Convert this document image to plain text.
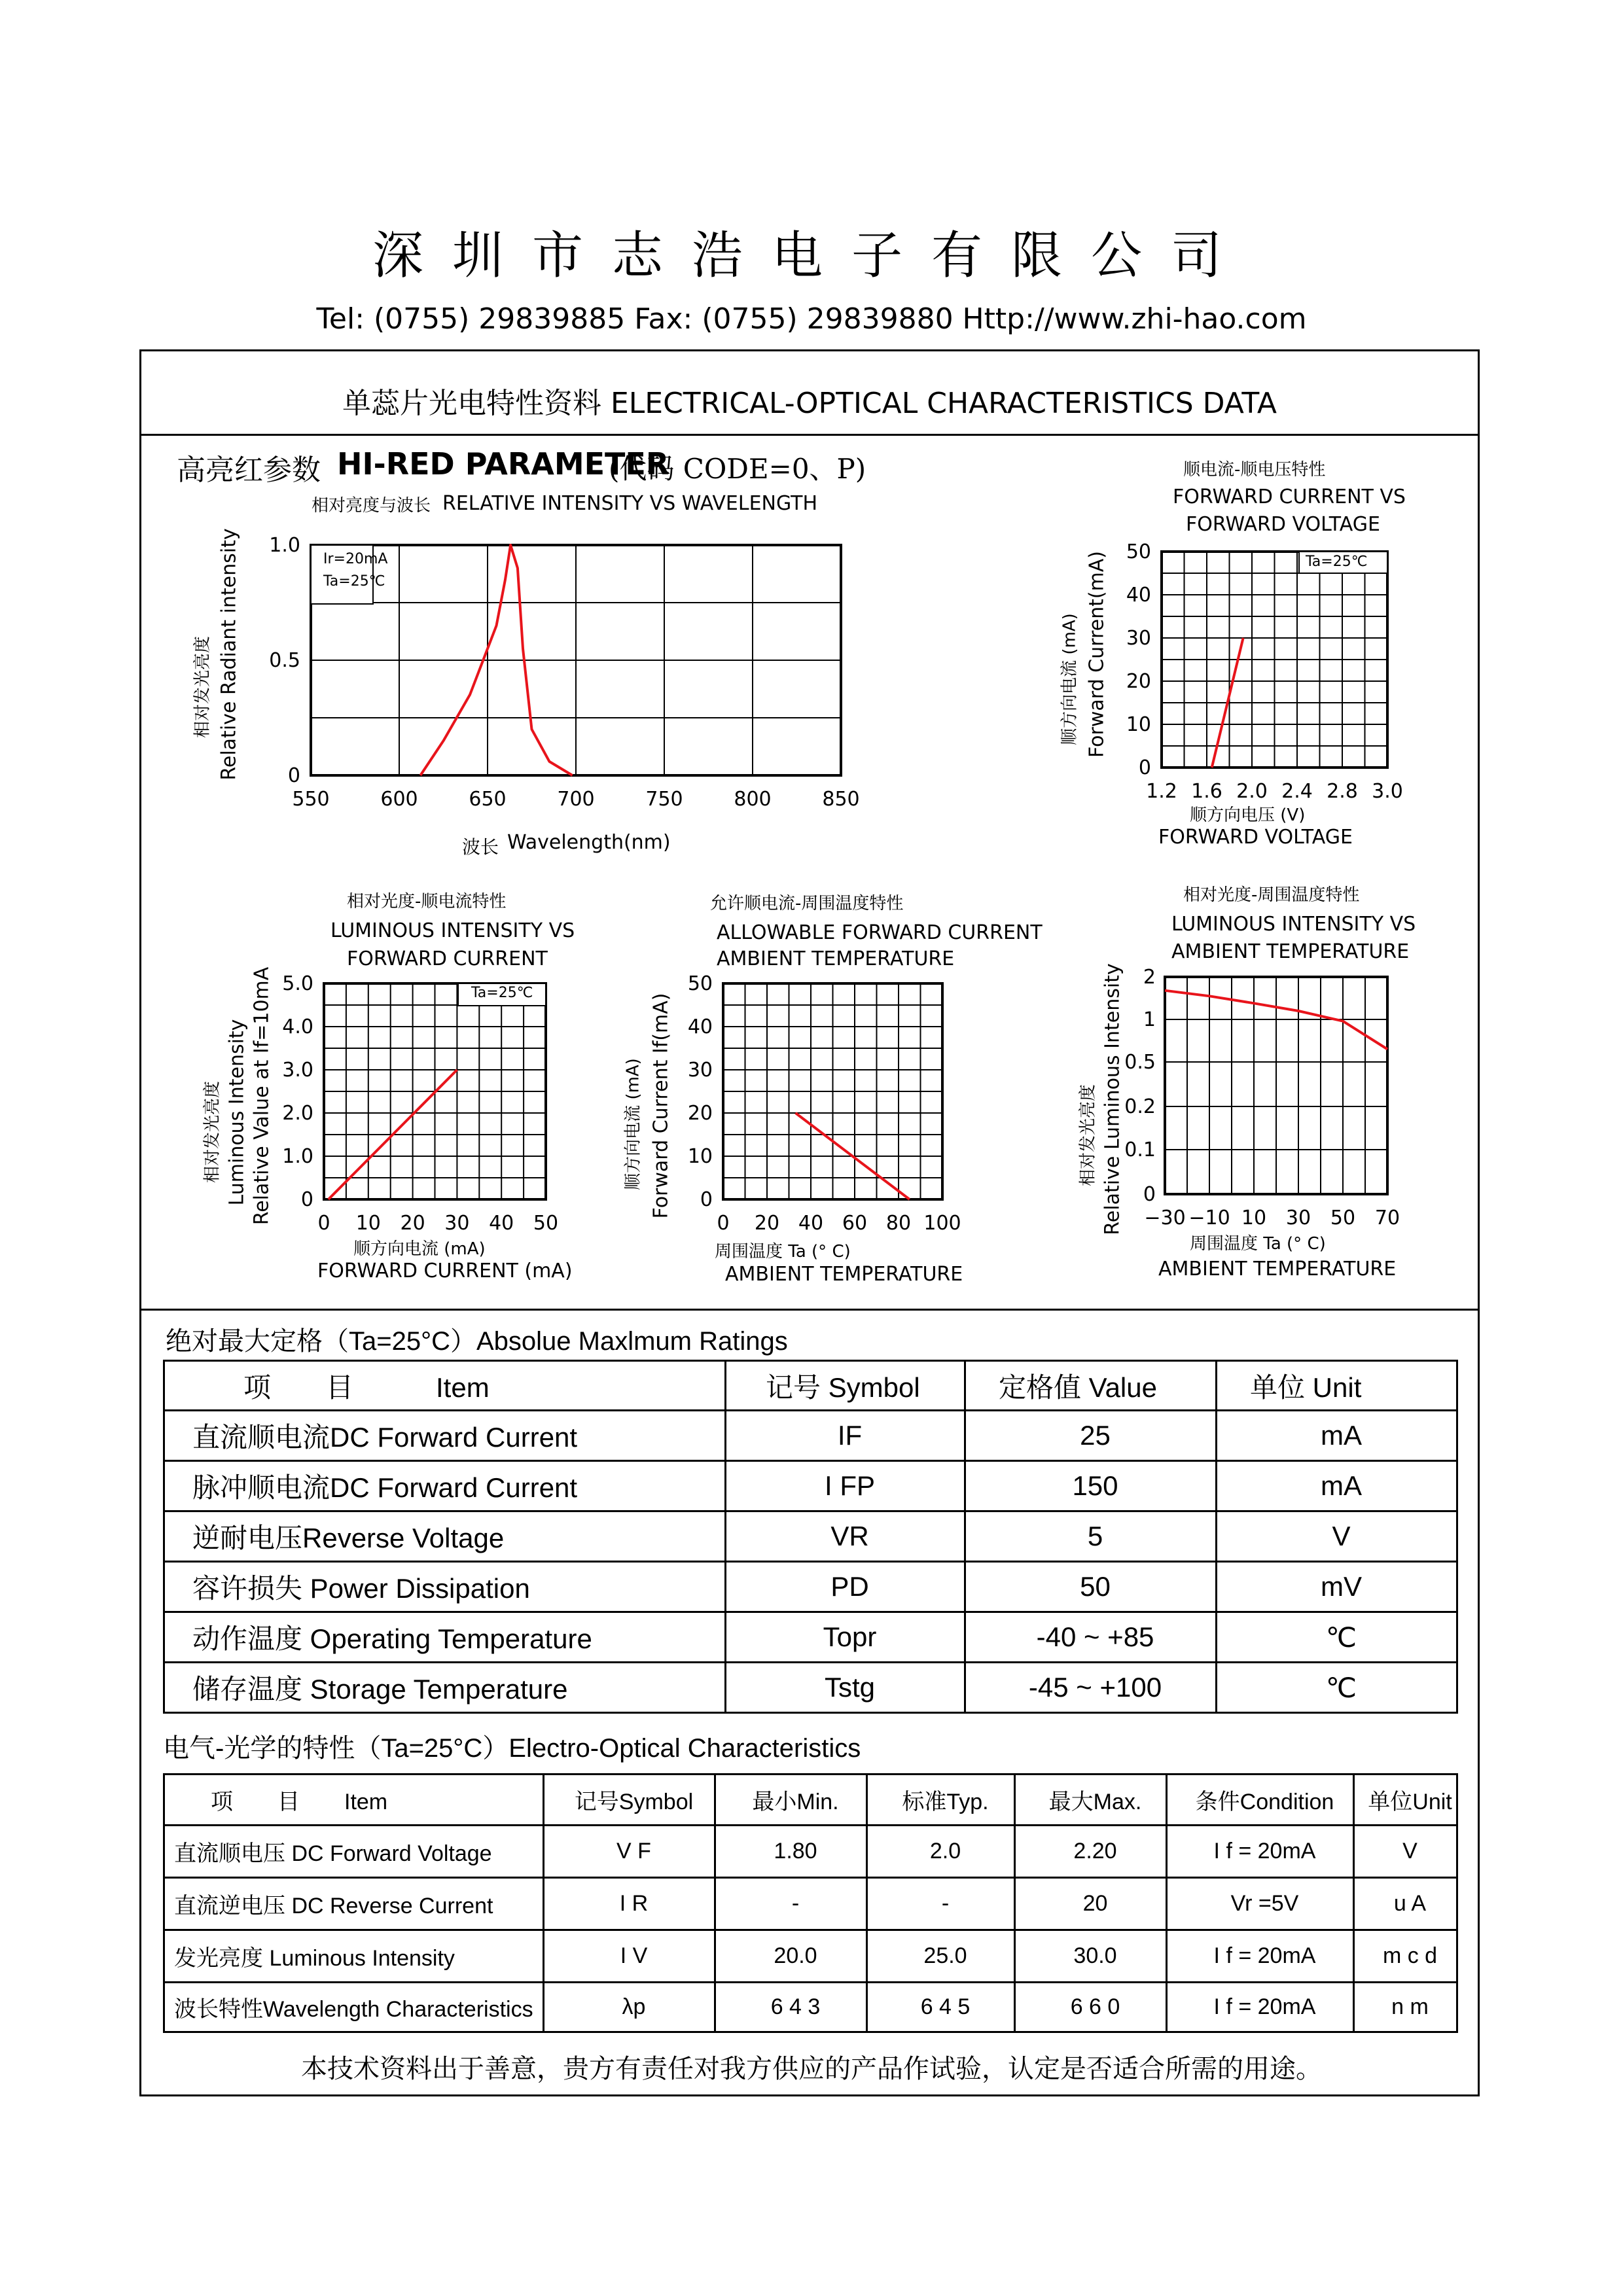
深圳市志浩电子有限公司
Tel: (0755) 29839885 Fax: (0755) 29839880 Http://www.zhi-hao.com
单蕊片光电特性资料 ELECTRICAL-OPTICAL CHARACTERISTICS DATA
高亮红参数 HI-RED PARAMETER
(代码 CODE=0、P)
相对亮度与波长 RELATIVE INTENSITY VS WAVELENGTH
550	600	650	700	750	800	850
0
0.5
1.0
波长 Wavelength(nm)
相对发光亮度 Relative Radiant intensity	Ir=20mA
Ta=25℃
顺电流-顺电压特性
FORWARD CURRENT VS
FORWARD VOLTAGE
1.2 1.6 2.0 2.4 2.8 3.0
0
10
20
30
40
50
顺方向电压 (V)
FORWARD VOLTAGE
顺方向电流 (mA) Forward Current(mA)	Ta=25℃
相对光度-顺电流特性
LUMINOUS INTENSITY VS
FORWARD CURRENT
0 10 20 30 40 50
0
1.0
2.0
3.0
4.0
5.0
顺方向电流 (mA)
FORWARD CURRENT (mA)
相对发光亮度 Luminous Intensity Relative Value at If=10mA	Ta=25℃
允许顺电流-周围温度特性
ALLOWABLE FORWARD CURRENT
AMBIENT TEMPERATURE
0 20 40 60 80 100
0
10
20
30
40
50
周围温度 Ta (° C)
AMBIENT TEMPERATURE
顺方向电流 (mA) Forward Current If(mA)
相对光度-周围温度特性
LUMINOUS INTENSITY VS
AMBIENT TEMPERATURE
−30 −10 10 30 50 70
0
0.1
0.2
0.5
1
2
周围温度 Ta (° C)
AMBIENT TEMPERATURE
相对发光亮度 Relative Luminous Intensity
绝对最大定格（Ta=25°C）Absolue Maxlmum Ratings
项　　目　　　Item	记号 Symbol	定格值 Value	单位 Unit
直流顺电流DC Forward Current	IF	25	mA
脉冲顺电流DC Forward Current	I FP	150	mA
逆耐电压Reverse Voltage	VR	5	V
容许损失 Power Dissipation	PD	50	mV
动作温度 Operating Temperature	Topr	-40 ~ +85	℃
储存温度 Storage Temperature	Tstg	-45 ~ +100	℃
电气-光学的特性（Ta=25°C）Electro-Optical Characteristics
项　　目　　Item	记号Symbol	最小Min.	标准Typ.	最大Max.	条件Condition	单位Unit
直流顺电压 DC Forward Voltage	V F	1.80	2.0	2.20	I f = 20mA	V
直流逆电压 DC Reverse Current	I R	-	-	20	Vr =5V	u A
发光亮度 Luminous Intensity	I V	20.0	25.0	30.0	I f = 20mA	m c d
波长特性Wavelength Characteristics	λp	6 4 3	6 4 5	6 6 0	I f = 20mA	n m
本技术资料出于善意，贵方有责任对我方供应的产品作试验，认定是否适合所需的用途。
